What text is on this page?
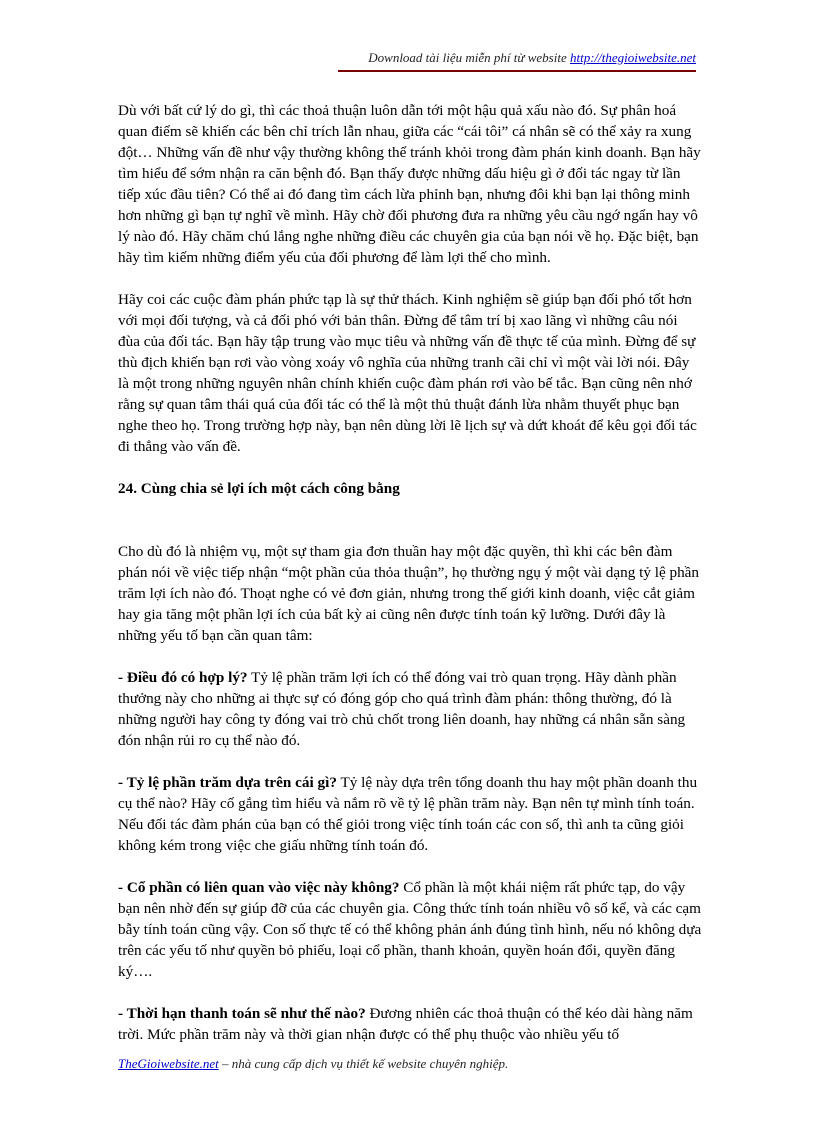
Download tài liệu miễn phí từ website http://thegioiwebsite.net

Dù với bất cứ lý do gì, thì các thoả thuận luôn dẫn tới một hậu quả xấu nào đó. Sự phân hoá quan điểm sẽ khiến các bên chỉ trích lẫn nhau, giữa các “cái tôi” cá nhân sẽ có thể xảy ra xung đột… Những vấn đề như vậy thường không thể tránh khỏi trong đàm phán kinh doanh. Bạn hãy tìm hiểu để sớm nhận ra căn bệnh đó. Bạn thấy được những dấu hiệu gì ở đối tác ngay từ lần tiếp xúc đầu tiên? Có thể ai đó đang tìm cách lừa phỉnh bạn, nhưng đôi khi bạn lại thông minh hơn những gì bạn tự nghĩ về mình. Hãy chờ đối phương đưa ra những yêu cầu ngớ ngẩn hay vô lý nào đó. Hãy chăm chú lắng nghe những điều các chuyên gia của bạn nói về họ. Đặc biệt, bạn hãy tìm kiếm những điểm yếu của đối phương để làm lợi thế cho mình.

Hãy coi các cuộc đàm phán phức tạp là sự thử thách. Kinh nghiệm sẽ giúp bạn đối phó tốt hơn với mọi đối tượng, và cả đối phó với bản thân. Đừng để tâm trí bị xao lãng vì những câu nói đùa của đối tác. Bạn hãy tập trung vào mục tiêu và những vấn đề thực tế của mình. Đừng để sự thù địch khiến bạn rơi vào vòng xoáy vô nghĩa của những tranh cãi chỉ vì một vài lời nói. Đây là một trong những nguyên nhân chính khiến cuộc đàm phán rơi vào bế tắc. Bạn cũng nên nhớ rằng sự quan tâm thái quá của đối tác có thể là một thủ thuật đánh lừa nhằm thuyết phục bạn nghe theo họ. Trong trường hợp này, bạn nên dùng lời lẽ lịch sự và dứt khoát để kêu gọi đối tác đi thẳng vào vấn đề.

24. Cùng chia sẻ lợi ích một cách công bằng

Cho dù đó là nhiệm vụ, một sự tham gia đơn thuần hay một đặc quyền, thì khi các bên đàm phán nói về việc tiếp nhận “một phần của thỏa thuận”, họ thường ngụ ý một vài dạng tỷ lệ phần trăm lợi ích nào đó. Thoạt nghe có vẻ đơn giản, nhưng trong thế giới kinh doanh, việc cắt giảm hay gia tăng một phần lợi ích của bất kỳ ai cũng nên được tính toán kỹ lưỡng. Dưới đây là những yếu tố bạn cần quan tâm:

- Điều đó có hợp lý? Tỷ lệ phần trăm lợi ích có thể đóng vai trò quan trọng. Hãy dành phần thưởng này cho những ai thực sự có đóng góp cho quá trình đàm phán: thông thường, đó là những người hay công ty đóng vai trò chủ chốt trong liên doanh, hay những cá nhân sẵn sàng đón nhận rủi ro cụ thể nào đó.

- Tỷ lệ phần trăm dựa trên cái gì? Tỷ lệ này dựa trên tổng doanh thu hay một phần doanh thu cụ thể nào? Hãy cố gắng tìm hiểu và nắm rõ về tỷ lệ phần trăm này. Bạn nên tự mình tính toán. Nếu đối tác đàm phán của bạn có thể giỏi trong việc tính toán các con số, thì anh ta cũng giỏi không kém trong việc che giấu những tính toán đó.

- Cổ phần có liên quan vào việc này không? Cổ phần là một khái niệm rất phức tạp, do vậy bạn nên nhờ đến sự giúp đỡ của các chuyên gia. Công thức tính toán nhiều vô số kể, và các cạm bẫy tính toán cũng vậy. Con số thực tế có thể không phản ánh đúng tình hình, nếu nó không dựa trên các yếu tố như quyền bỏ phiếu, loại cổ phần, thanh khoản, quyền hoán đổi, quyền đăng ký….

- Thời hạn thanh toán sẽ như thế nào? Đương nhiên các thoả thuận có thể kéo dài hàng năm trời. Mức phần trăm này và thời gian nhận được có thể phụ thuộc vào nhiều yếu tố

TheGioiwebsite.net – nhà cung cấp dịch vụ thiết kế website chuyên nghiệp.
